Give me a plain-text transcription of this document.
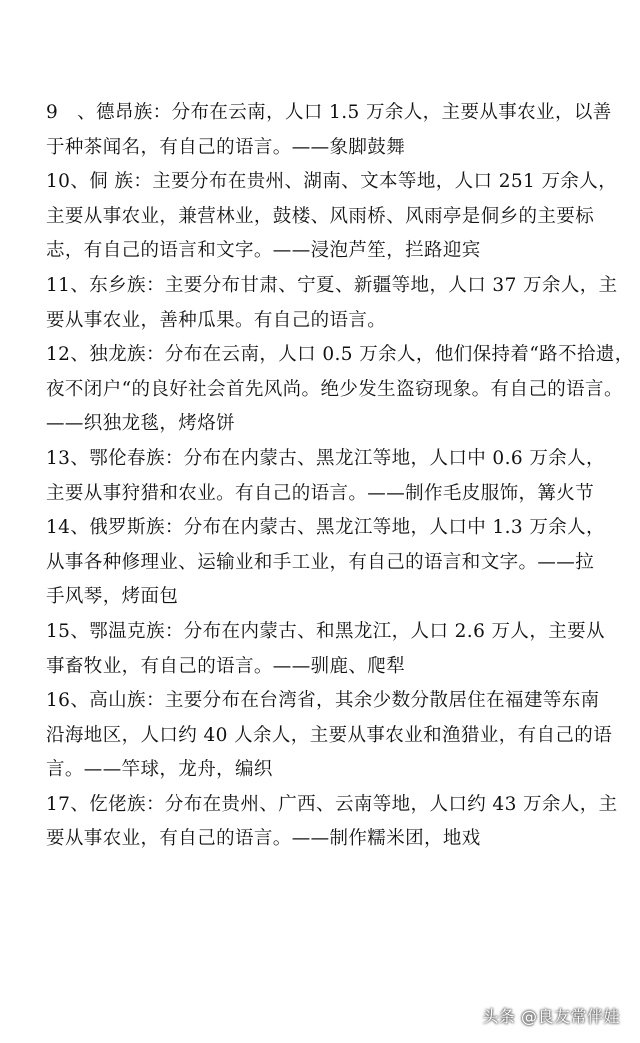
9　、德昂族：分布在云南，人口 1.5 万余人，主要从事农业，以善
于种茶闻名，有自己的语言。——象脚鼓舞
10、侗 族：主要分布在贵州、湖南、文本等地，人口 251 万余人，
主要从事农业，兼营林业，鼓楼、风雨桥、风雨亭是侗乡的主要标
志，有自己的语言和文字。——浸泡芦笙，拦路迎宾
11、东乡族：主要分布甘肃、宁夏、新疆等地，人口 37 万余人，主
要从事农业，善种瓜果。有自己的语言。
12、独龙族：分布在云南，人口 0.5 万余人，他们保持着“路不拾遗，
夜不闭户“的良好社会首先风尚。绝少发生盗窃现象。有自己的语言。
——织独龙毯，烤烙饼
13、鄂伦春族：分布在内蒙古、黑龙江等地，人口中 0.6 万余人，
主要从事狩猎和农业。有自己的语言。——制作毛皮服饰，篝火节
14、俄罗斯族：分布在内蒙古、黑龙江等地，人口中 1.3 万余人，
从事各种修理业、运输业和手工业，有自己的语言和文字。——拉
手风琴，烤面包
15、鄂温克族：分布在内蒙古、和黑龙江，人口 2.6 万人，主要从
事畜牧业，有自己的语言。——驯鹿、爬犁
16、高山族：主要分布在台湾省，其余少数分散居住在福建等东南
沿海地区，人口约 40 人余人，主要从事农业和渔猎业，有自己的语
言。——竿球，龙舟，编织
17、仡佬族：分布在贵州、广西、云南等地，人口约 43 万余人，主
要从事农业，有自己的语言。——制作糯米团，地戏
头条 @良友常伴娃
